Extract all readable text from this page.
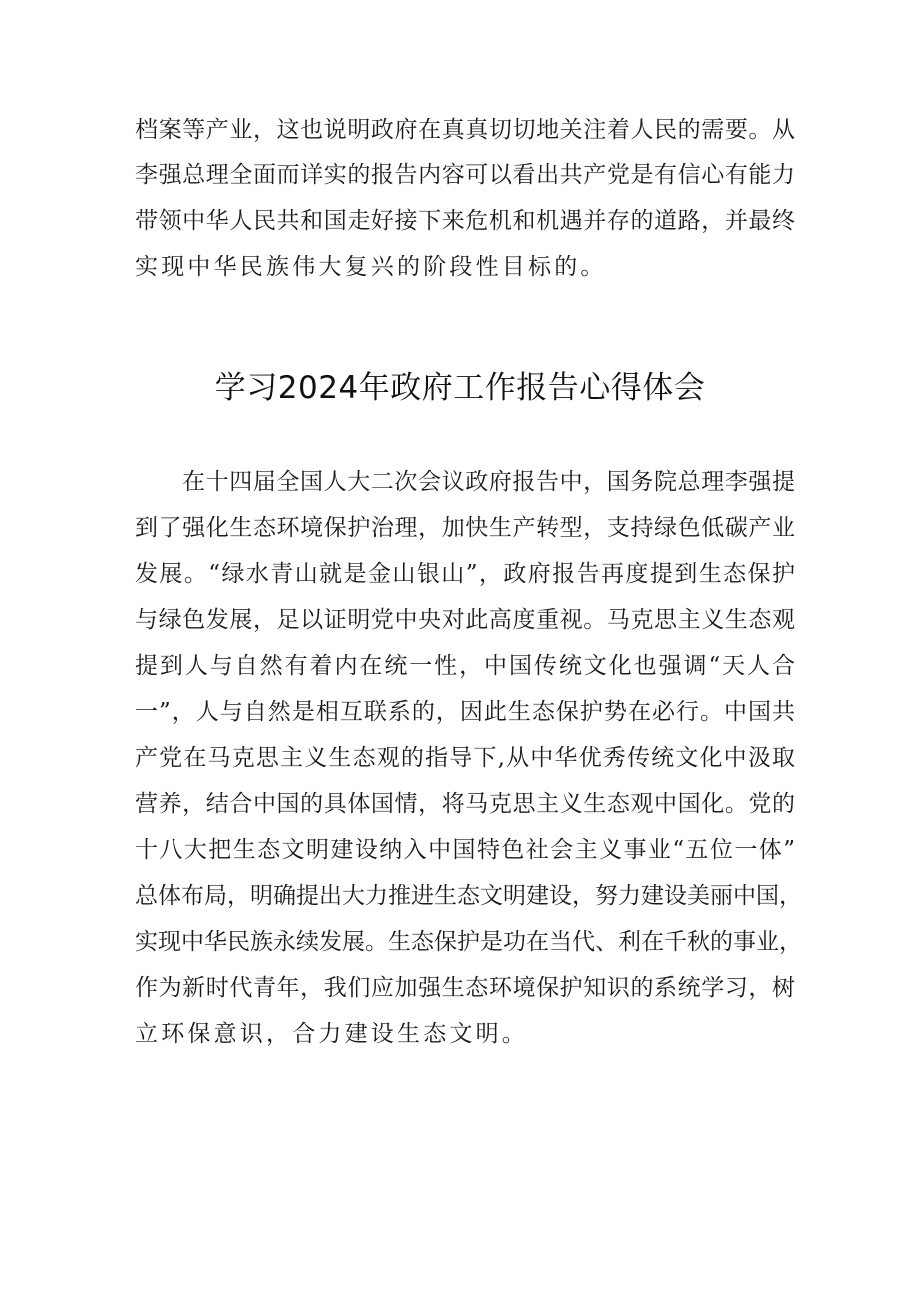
档案等产业，这也说明政府在真真切切地关注着人民的需要。从
李强总理全面而详实的报告内容可以看出共产党是有信心有能力
带领中华人民共和国走好接下来危机和机遇并存的道路，并最终
实现中华民族伟大复兴的阶段性目标的。
学习2024年政府工作报告心得体会
在十四届全国人大二次会议政府报告中，国务院总理李强提
到了强化生态环境保护治理，加快生产转型，支持绿色低碳产业
发展。“绿水青山就是金山银山”，政府报告再度提到生态保护
与绿色发展，足以证明党中央对此高度重视。马克思主义生态观
提到人与自然有着内在统一性，中国传统文化也强调“天人合
一”，人与自然是相互联系的，因此生态保护势在必行。中国共
产党在马克思主义生态观的指导下,从中华优秀传统文化中汲取
营养，结合中国的具体国情，将马克思主义生态观中国化。党的
十八大把生态文明建设纳入中国特色社会主义事业“五位一体”
总体布局，明确提出大力推进生态文明建设，努力建设美丽中国，
实现中华民族永续发展。生态保护是功在当代、利在千秋的事业，
作为新时代青年，我们应加强生态环境保护知识的系统学习，树
立环保意识，合力建设生态文明。
